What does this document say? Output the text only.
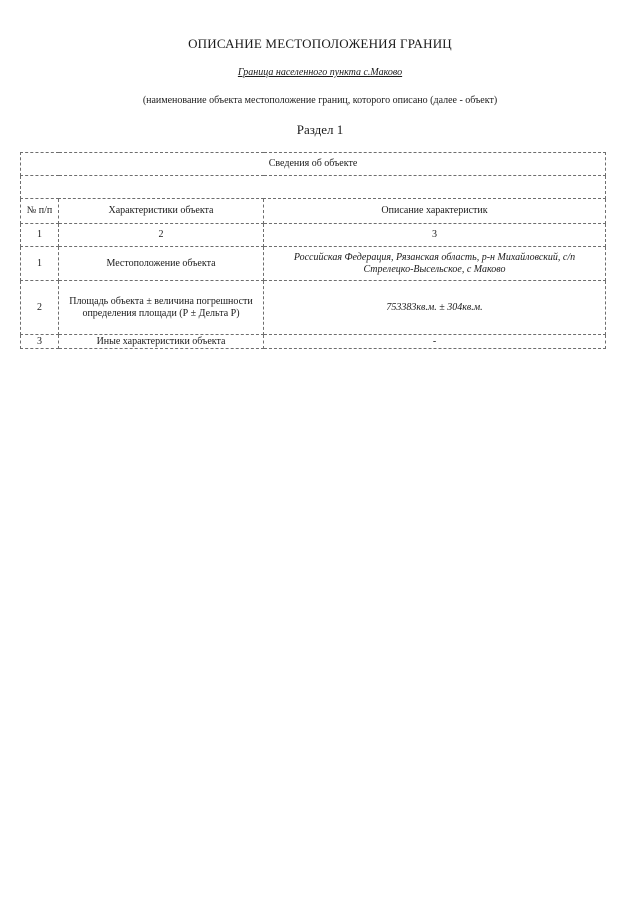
ОПИСАНИЕ МЕСТОПОЛОЖЕНИЯ ГРАНИЦ
Граница населенного пункта с.Маково
(наименование объекта местоположение границ, которого описано (далее - объект)
Раздел 1
Сведения об объекте		

№ п/п	Характеристики объекта	Описание характеристик
1	2	3
1	Местоположение объекта	Российская Федерация, Рязанская область, р-н Михайловский, с/п Стрелецко-Высельское, с Маково
2	Площадь объекта ± величина погрешности определения площади (Р ± Дельта Р)	753383кв.м. ± 304кв.м.
3	Иные характеристики объекта	-
